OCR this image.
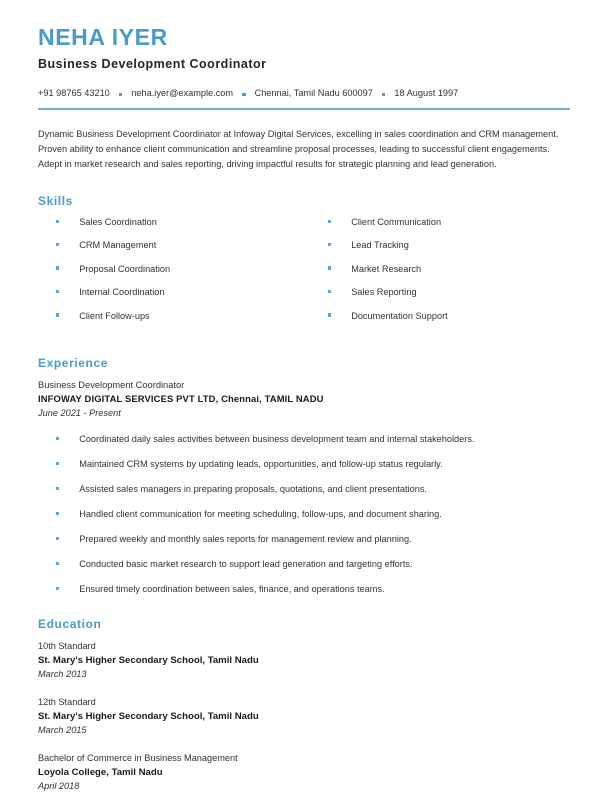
NEHA IYER
Business Development Coordinator
+91 98765 43210 neha.iyer@example.com Chennai, Tamil Nadu 600097 18 August 1997

Dynamic Business Development Coordinator at Infoway Digital Services, excelling in sales coordination and CRM management. Proven ability to enhance client communication and streamline proposal processes, leading to successful client engagements. Adept in market research and sales reporting, driving impactful results for strategic planning and lead generation.

Skills
Sales Coordination
CRM Management
Proposal Coordination
Internal Coordination
Client Follow-ups
Client Communication
Lead Tracking
Market Research
Sales Reporting
Documentation Support
Experience
Business Development Coordinator
INFOWAY DIGITAL SERVICES PVT LTD, Chennai, TAMIL NADU
June 2021 - Present
Coordinated daily sales activities between business development team and internal stakeholders.
Maintained CRM systems by updating leads, opportunities, and follow-up status regularly.
Assisted sales managers in preparing proposals, quotations, and client presentations.
Handled client communication for meeting scheduling, follow-ups, and document sharing.
Prepared weekly and monthly sales reports for management review and planning.
Conducted basic market research to support lead generation and targeting efforts.
Ensured timely coordination between sales, finance, and operations teams.
Education
10th Standard
St. Mary's Higher Secondary School, Tamil Nadu
March 2013
12th Standard
St. Mary's Higher Secondary School, Tamil Nadu
March 2015
Bachelor of Commerce in Business Management
Loyola College, Tamil Nadu
April 2018
